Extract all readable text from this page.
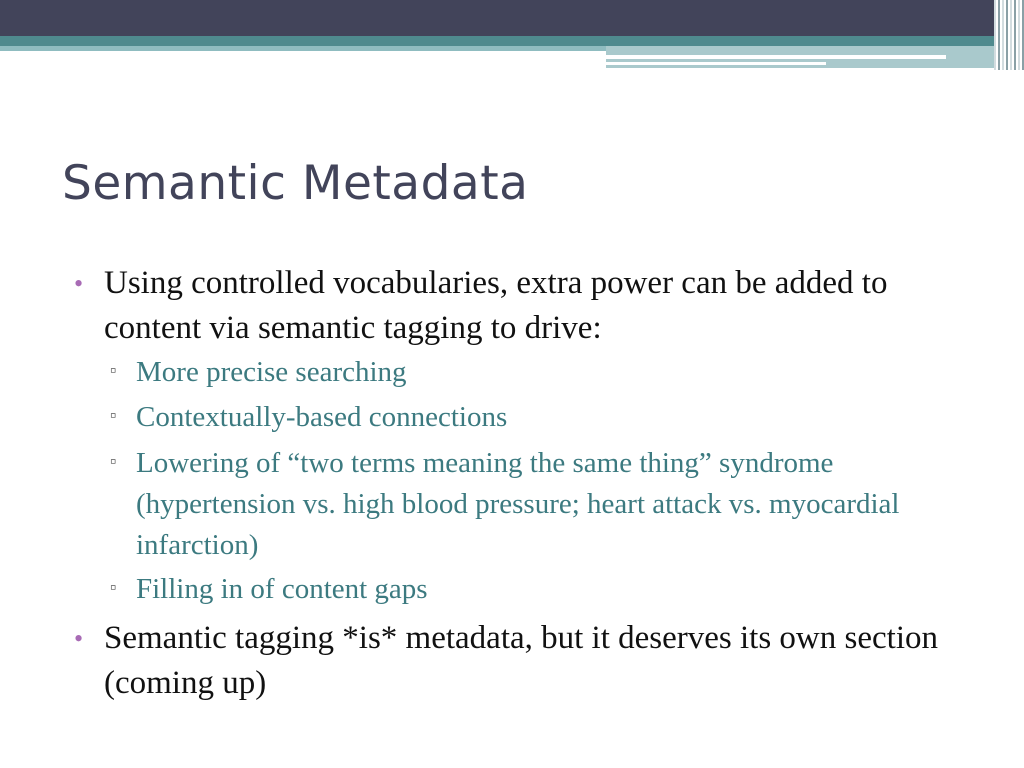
Semantic Metadata
• Using controlled vocabularies, extra power can be added to content via semantic tagging to drive:
▫ More precise searching
▫ Contextually-based connections
▫ Lowering of “two terms meaning the same thing” syndrome (hypertension vs. high blood pressure; heart attack vs. myocardial infarction)
▫ Filling in of content gaps
• Semantic tagging *is* metadata, but it deserves its own section (coming up)
